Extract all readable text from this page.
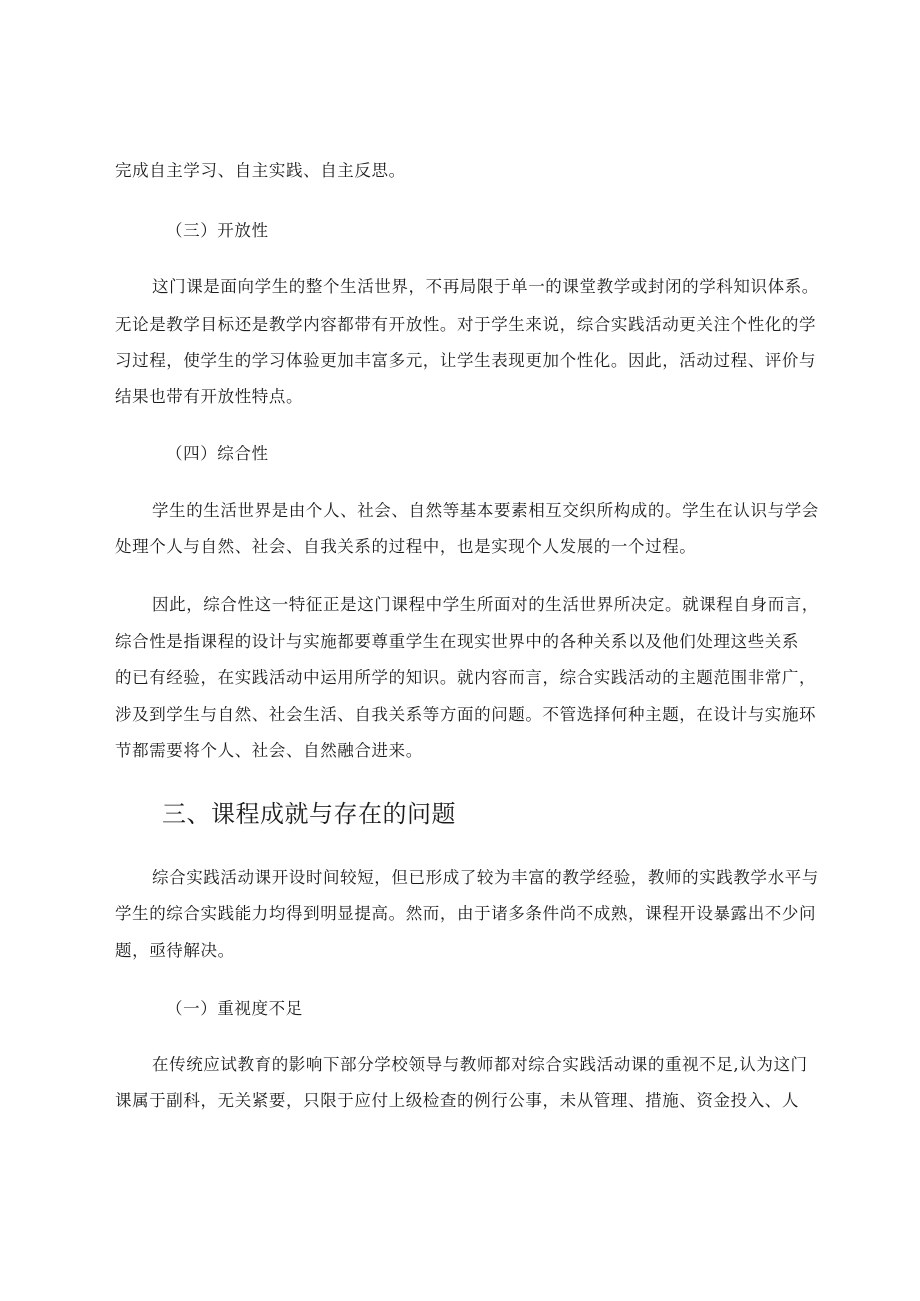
完成自主学习、自主实践、自主反思。
（三）开放性
这门课是面向学生的整个生活世界，不再局限于单一的课堂教学或封闭的学科知识体系。
无论是教学目标还是教学内容都带有开放性。对于学生来说，综合实践活动更关注个性化的学
习过程，使学生的学习体验更加丰富多元，让学生表现更加个性化。因此，活动过程、评价与
结果也带有开放性特点。
（四）综合性
学生的生活世界是由个人、社会、自然等基本要素相互交织所构成的。学生在认识与学会
处理个人与自然、社会、自我关系的过程中，也是实现个人发展的一个过程。
因此，综合性这一特征正是这门课程中学生所面对的生活世界所决定。就课程自身而言，
综合性是指课程的设计与实施都要尊重学生在现实世界中的各种关系以及他们处理这些关系
的已有经验，在实践活动中运用所学的知识。就内容而言，综合实践活动的主题范围非常广，
涉及到学生与自然、社会生活、自我关系等方面的问题。不管选择何种主题，在设计与实施环
节都需要将个人、社会、自然融合进来。
三、课程成就与存在的问题
综合实践活动课开设时间较短，但已形成了较为丰富的教学经验，教师的实践教学水平与
学生的综合实践能力均得到明显提高。然而，由于诸多条件尚不成熟，课程开设暴露出不少问
题，亟待解决。
（一）重视度不足
在传统应试教育的影响下部分学校领导与教师都对综合实践活动课的重视不足,认为这门
课属于副科，无关紧要，只限于应付上级检查的例行公事，未从管理、措施、资金投入、人
